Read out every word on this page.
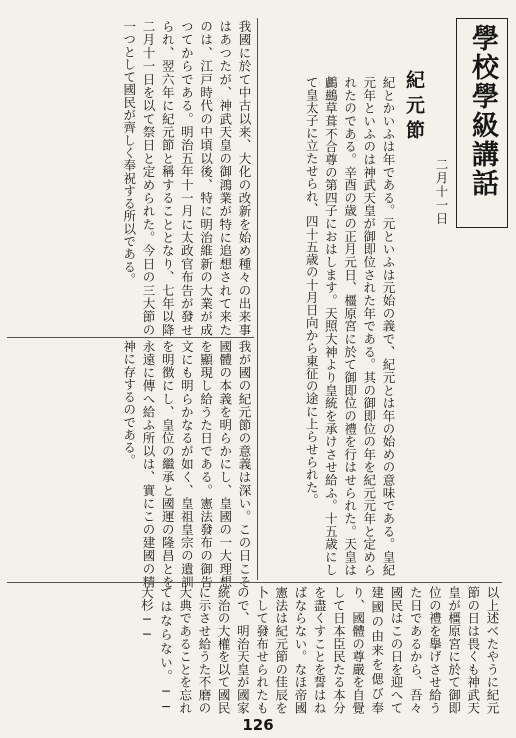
學校學級講話
二月十一日
紀元節
紀とかいふは年である。元といふは元始の義で、紀元とは年の始めの意味である。皇紀元年といふのは神武天皇が御即位された年である。其の御即位の年を紀元元年と定められたのである。辛酉の歳の正月元日、橿原宮に於て御即位の禮を行はせられた。天皇は鸕鷀草葺不合尊の第四子におはします。天照大神より皇統を承けさせ給ふ。十五歳にして皇太子に立たせられ、四十五歳の十月日向から東征の途に上らせられた。
我國に於て中古以来、大化の改新を始め種々の出来事はあつたが、神武天皇の御鴻業が特に追想されて来たのは、江戸時代の中頃以後、特に明治維新の大業が成つてからである。明治五年十一月に太政官布告が發せられ、翌六年に紀元節と稱することとなり、七年以降二月十一日を以て祭日と定められた。今日の三大節の一つとして國民が齊しく奉祝する所以である。
我が國の紀元節の意義は深い。この日こそ國體の本義を明らかにし、皇國の一大理想を顯現し給うた日である。憲法發布の御告文にも明らかなるが如く、皇祖皇宗の遺訓を明徴にし、皇位の繼承と國運の隆昌とを永遠に傳へ給ふ所以は、實にこの建國の精神に存するのである。
以上述べたやうに紀元節の日は畏くも神武天皇が橿原宮に於て御即位の禮を擧げさせ給うた日であるから、吾々國民はこの日を迎へて建國の由来を偲び奉り、國體の尊嚴を自覺して日本臣民たる本分を盡くすことを誓はねばならない。なほ帝國憲法は紀元節の佳辰を卜して發布せられたもので、明治天皇が國家統治の大權を以て國民に示させ給うた不磨の大典であることを忘れてはならない。──大杉──
126
